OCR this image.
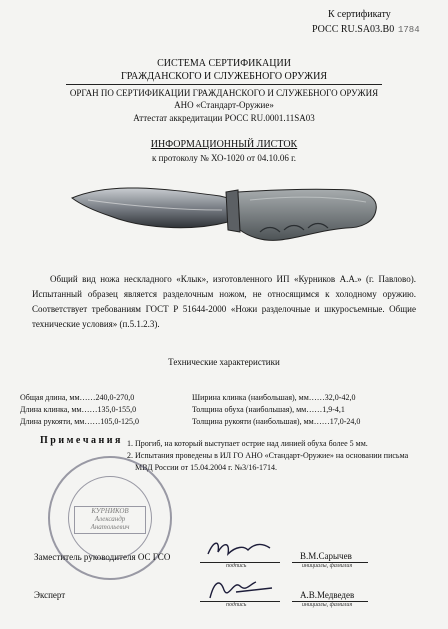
К сертификату
РОСС RU.SA03.B0 1784
СИСТЕМА СЕРТИФИКАЦИИ
ГРАЖДАНСКОГО И СЛУЖЕБНОГО ОРУЖИЯ
ОРГАН ПО СЕРТИФИКАЦИИ ГРАЖДАНСКОГО И СЛУЖЕБНОГО ОРУЖИЯ
АНО «Стандарт-Оружие»
Аттестат аккредитации РОСС RU.0001.11SA03
ИНФОРМАЦИОННЫЙ ЛИСТОК
к протоколу № ХО-1020 от 04.10.06 г.
Общий вид ножа нескладного «Клык», изготовленного ИП «Курников А.А.» (г. Павлово). Испытанный образец является разделочным ножом, не относящимся к холодному оружию. Соответствует требованиям ГОСТ Р 51644-2000 «Ножи разделочные и шкуросъемные. Общие технические условия» (п.5.1.2.3).
Технические характеристики
Общая длина, мм……240,0-270,0
Длина клинка, мм……135,0-155,0
Длина рукояти, мм……105,0-125,0
Ширина клинка (наибольшая), мм……32,0-42,0
Толщина обуха (наибольшая), мм……1,9-4,1
Толщина рукояти (наибольшая), мм……17,0-24,0
П р и м е ч а н и я 1. Прогиб, на который выступает острие над линией обуха более 5 мм.
2. Испытания проведены в ИЛ ГО АНО «Стандарт-Оружие» на основании письма
МВД России от 15.04.2004 г. №3/16-1714.
КУРНИКОВ
Александр
Анатольевич
Заместитель руководителя ОС ГСО
подпись
В.М.Сарычев
инициалы, фамилия
Эксперт
подпись
А.В.Медведев
инициалы, фамилия
